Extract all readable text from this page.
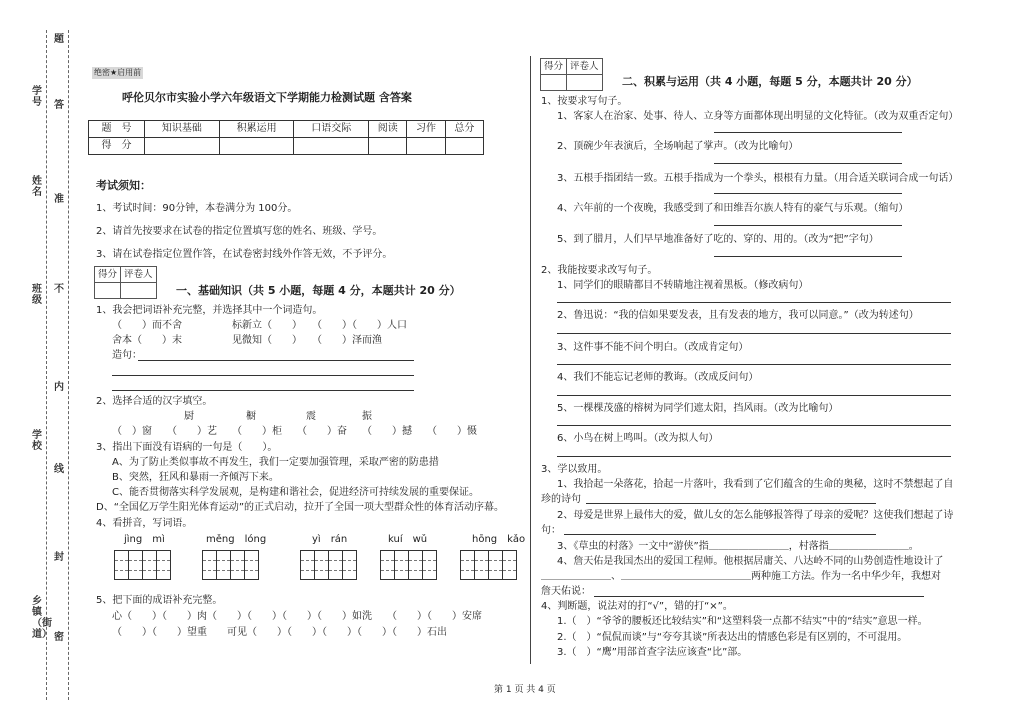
题
学号 答
姓名
准
班级
不
内
学校
线
封
乡镇（街道） 密
绝密★启用前
呼伦贝尔市实验小学六年级语文下学期能力检测试题 含答案
题　号	知识基础	积累运用	口语交际	阅读	习作	总分
得　分						
考试须知：
1、考试时间：90分钟，本卷满分为 100分。
2、请首先按要求在试卷的指定位置填写您的姓名、班级、学号。
3、请在试卷指定位置作答，在试卷密封线外作答无效，不予评分。
得分	评卷人

一、基础知识（共 5 小题，每题 4 分，本题共计 20 分）
1、我会把词语补充完整，并选择其中一个词造句。
（　　）而不舍　　　　　标新立（　　）　　（　　）（　　）人口
舍本（　　）末　　　　　见微知（　　）　　（　　）泽而渔
造句：
2、选择合适的汉字填空。
厨	橱	震	振
（　）窗　　（　　）艺　　（　　）柜　　（　　）奋　　（　　）撼　　（　　）慑
3、指出下面没有语病的一句是（　　）。
A、为了防止类似事故不再发生，我们一定要加强管理，采取严密的防患措
B、突然，狂风和暴雨一齐倾泻下来。
C、能否贯彻落实科学发展观，是构建和谐社会，促进经济可持续发展的重要保证。
D、“全国亿万学生阳光体育运动”的正式启动，拉开了全国一项大型群众性的体育活动序幕。
4、看拼音，写词语。
jìng　mì	měng　lóng	yì　rán	kuí　wǔ	hōng　kǎo
5、把下面的成语补充完整。
心（　　）（　　）肉（　　）（　　）（　　）（　　）如洗　　（　　）（　　）安席
（　　）（　　）望重　　可见（　　）（　　）（　　）（　　）（　　）石出
得分	评卷人

二、积累与运用（共 4 小题，每题 5 分，本题共计 20 分）
1、按要求写句子。
1、客家人在治家、处事、待人、立身等方面都体现出明显的文化特征。（改为双重否定句）
2、顶碗少年表演后，全场响起了掌声。（改为比喻句）
3、五根手指团结一致。五根手指成为一个拳头，根根有力量。（用合适关联词合成一句话）
4、六年前的一个夜晚，我感受到了和田维吾尔族人特有的豪气与乐观。（缩句）
5、到了腊月，人们早早地准备好了吃的、穿的、用的。（改为“把”字句）
2、我能按要求改写句子。
1、同学们的眼睛都目不转睛地注视着黑板。（修改病句）
2、鲁迅说：“我的信如果要发表，且有发表的地方，我可以同意。”（改为转述句）
3、这件事不能不问个明白。（改成肯定句）
4、我们不能忘记老师的教诲。（改成反问句）
5、一棵棵茂盛的榕树为同学们遮太阳，挡风雨。（改为比喻句）
6、小鸟在树上鸣叫。（改为拟人句）
3、学以致用。
1、我拾起一朵落花，拾起一片落叶，我看到了它们蕴含的生命的奥秘，这时不禁想起了自
珍的诗句
2、母爱是世界上最伟大的爱，做儿女的怎么能够报答得了母亲的爱呢？这使我们想起了诗
句：
3、《草虫的村落》一文中“游侠”指＿＿＿＿＿＿＿＿，村落指＿＿＿＿＿＿＿＿。
4、詹天佑是我国杰出的爱国工程师。他根据居庸关、八达岭不同的山势创造性地设计了
＿＿＿＿＿＿＿、＿＿＿＿＿＿＿＿＿＿＿＿＿两种施工方法。作为一名中华少年，我想对
詹天佑说：
4、判断题，说法对的打“√”，错的打“×”。
1.（　）“爷爷的腰板还比较结实”和“这塑料袋一点都不结实”中的“结实”意思一样。
2.（　）“侃侃而谈”与“夸夸其谈”所表达出的情感色彩是有区别的，不可混用。
3.（　）“鹰”用部首查字法应该查“比”部。
第 1 页 共 4 页
